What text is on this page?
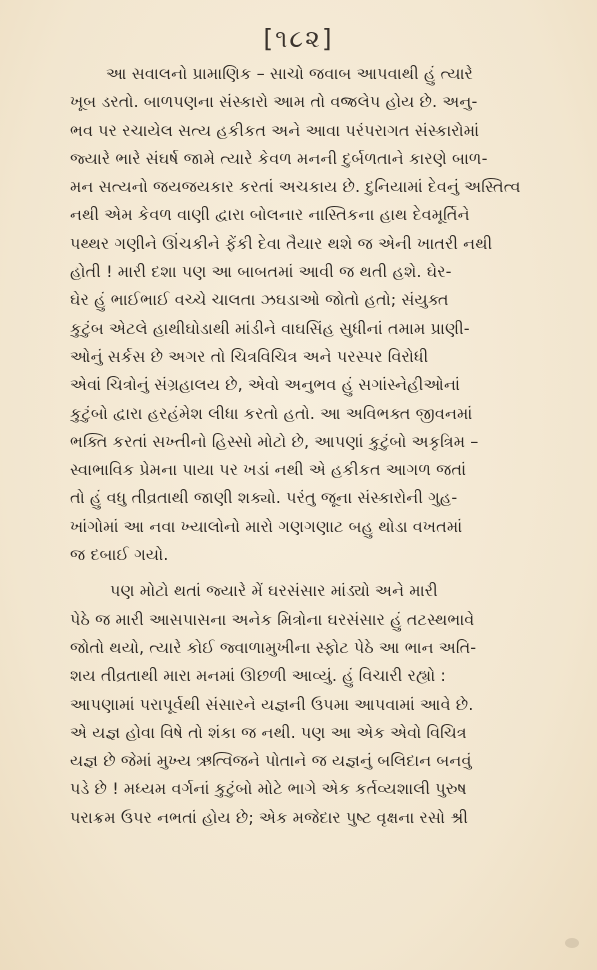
[૧૮૨]
આ સવાલનો પ્રામાણિક – સાચો જવાબ આપવાથી હું ત્યારે
ખૂબ ડરતો. બાળપણના સંસ્કારો આમ તો વજ્રલેપ હોય છે. અનુ-
ભવ પર રચાયેલ સત્ય હકીકત અને આવા પરંપરાગત સંસ્કારોમાં
જ્યારે ભારે સંઘર્ષ જામે ત્યારે કેવળ મનની દુર્બળતાને કારણે બાળ-
મન સત્યનો જયજયકાર કરતાં અચકાય છે. દુનિયામાં દેવનું અસ્તિત્વ
નથી એમ કેવળ વાણી દ્વારા બોલનાર નાસ્તિકના હાથ દેવમૂર્તિને
પથ્થર ગણીને ઊંચકીને ફેંકી દેવા તૈયાર થશે જ એની ખાતરી નથી
હોતી ! મારી દશા પણ આ બાબતમાં આવી જ થતી હશે. ઘેર-
ઘેર હું ભાઈભાઈ વચ્ચે ચાલતા ઝઘડાઓ જોતો હતો; સંયુક્ત
કુટુંબ એટલે હાથીઘોડાથી માંડીને વાઘસિંહ સુધીનાં તમામ પ્રાણી-
ઓનું સર્કસ છે અગર તો ચિત્રવિચિત્ર અને પરસ્પર વિરોધી
એવાં ચિત્રોનું સંગ્રહાલય છે, એવો અનુભવ હું સગાંસ્નેહીઓનાં
કુટુંબો દ્વારા હરહંમેશ લીધા કરતો હતો. આ અવિભક્ત જીવનમાં
ભક્તિ કરતાં સખ્તીનો હિસ્સો મોટો છે, આપણાં કુટુંબો અકૃત્રિમ –
સ્વાભાવિક પ્રેમના પાયા પર ખડાં નથી એ હકીકત આગળ જતાં
તો હું વધુ તીવ્રતાથી જાણી શક્યો. પરંતુ જૂના સંસ્કારોની ગુહ-
ખાંગોમાં આ નવા ખ્યાલોનો મારો ગણગણાટ બહુ થોડા વખતમાં
જ દબાઈ ગયો.
પણ મોટો થતાં જ્યારે મેં ઘરસંસાર માંડ્યો અને મારી
પેઠે જ મારી આસપાસના અનેક મિત્રોના ઘરસંસાર હું તટસ્થભાવે
જોતો થયો, ત્યારે કોઈ જ્વાળામુખીના સ્ફોટ પેઠે આ ભાન અતિ-
શય તીવ્રતાથી મારા મનમાં ઊછળી આવ્યું. હું વિચારી રહ્યો :
આપણામાં પરાપૂર્વથી સંસારને યજ્ઞની ઉપમા આપવામાં આવે છે.
એ યજ્ઞ હોવા વિષે તો શંકા જ નથી. પણ આ એક એવો વિચિત્ર
યજ્ઞ છે જેમાં મુખ્ય ઋત્વિજને પોતાને જ યજ્ઞનું બલિદાન બનવું
પડે છે ! મધ્યમ વર્ગનાં કુટુંબો મોટે ભાગે એક કર્તવ્યશાલી પુરુષ
પરાક્રમ ઉપર નભતાં હોય છે; એક મજેદાર પુષ્ટ વૃક્ષના રસો શ્રી
